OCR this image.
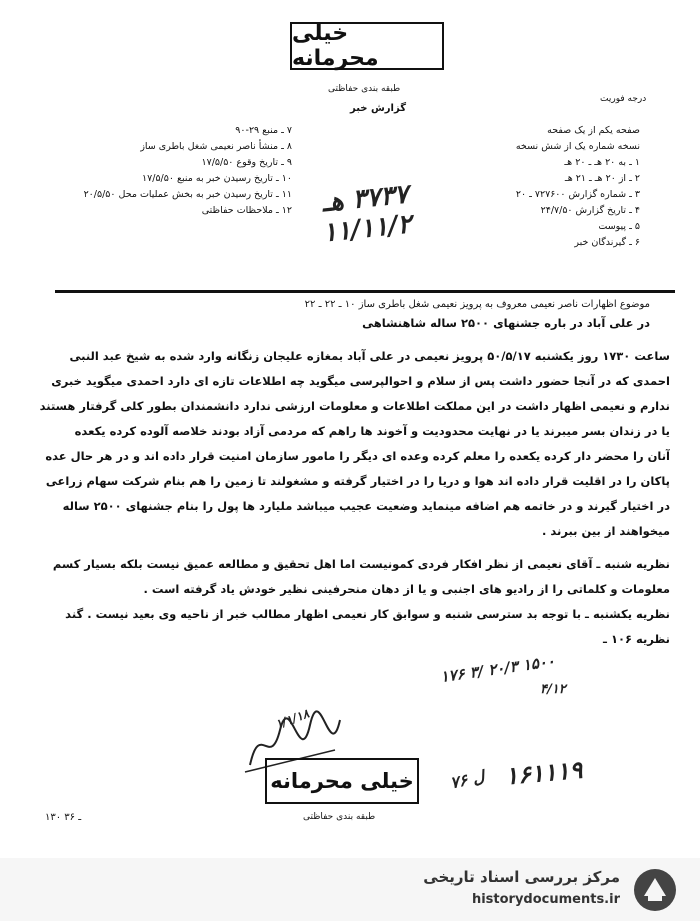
خیلی محرمانه
طبقه بندی حفاظتی
گزارش خبر
درجه فوریت
صفحه یکم از یک صفحه
نسخه شماره یک از شش نسخه
۱ ـ به ۲۰ هـ ـ ۲۰ هـ
۲ ـ از ۲۰ هـ ـ ۲۱ هـ
۳ ـ شماره گزارش ۷۲۷۶۰۰ ـ ۲۰
۴ ـ تاریخ گزارش ۲۴/۷/۵۰
۵ ـ پیوست
۶ ـ گیرندگان خبر
۷ ـ منبع ۲۹-۹۰
۸ ـ منشأ ناصر نعیمی شغل باطری ساز
۹ ـ تاریخ وقوع ۱۷/۵/۵۰
۱۰ ـ تاریخ رسیدن خبر به منبع ۱۷/۵/۵۰
۱۱ ـ تاریخ رسیدن خبر به بخش عملیات محل ۲۰/۵/۵۰
۱۲ ـ ملاحظات حفاظتی	۳۷۳۷ هـ ۱۱/۱۱/۲
موضوع اظهارات ناصر نعیمی معروف به پرویز نعیمی شغل باطری ساز ۱۰ ـ ۲۲ ـ ۲۲
در علی آباد در باره جشنهای ۲۵۰۰ ساله شاهنشاهی
ساعت ۱۷۳۰ روز یکشنبه ۵۰/۵/۱۷ پرویز نعیمی در علی آباد بمغازه علیجان زنگانه وارد شده به شیخ عبد النبی
احمدی که در آنجا حضور داشت پس از سلام و احوالپرسی میگوید چه اطلاعات تازه ای دارد احمدی میگوید خبری
ندارم و نعیمی اظهار داشت در این مملکت اطلاعات و معلومات ارزشی ندارد دانشمندان بطور کلی گرفتار هستند
یا در زندان بسر میبرند یا در نهایت محدودیت و آخوند ها راهم که مردمی آزاد بودند خلاصه آلوده کرده یکعده
آنان را محضر دار کرده یکعده را معلم کرده وعده ای دیگر را مامور سازمان امنیت قرار داده اند و در هر حال عده
پاکان را در اقلیت قرار داده اند هوا و دریا را در اختیار گرفته و مشغولند تا زمین را هم بنام شرکت سهام زراعی
در اختیار گیرند و در خاتمه هم اضافه مینماید وضعیت عجیب میباشد ملیارد ها پول را بنام جشنهای ۲۵۰۰ ساله
میخواهند از بین ببرند .
نظریه شنبه ـ آقای نعیمی از نظر افکار فردی کمونیست اما اهل تحقیق و مطالعه عمیق نیست بلکه بسیار کسم
معلومات و کلماتی را از رادیو های اجنبی و یا از دهان منحرفینی نظیر خودش یاد گرفته است .
نظریه یکشنبه ـ با توجه بد سترسی شنبه و سوابق کار نعیمی اظهار مطالب خبر از ناحیه وی بعید نیست . گند
نظریه ۱۰۶ ـ
۱۷۶ ۳/ ۲۰/۳ ۱۵۰۰
۴/۱۲
۱/۱/۱۸
خیلی محرمانه
طبقه بندی حفاظتی
ل ۷۶ ۱۶۱۱۱۹
۱۳۰ ـ ۳۶
مرکز بررسی اسناد تاریخی
historydocuments.ir
